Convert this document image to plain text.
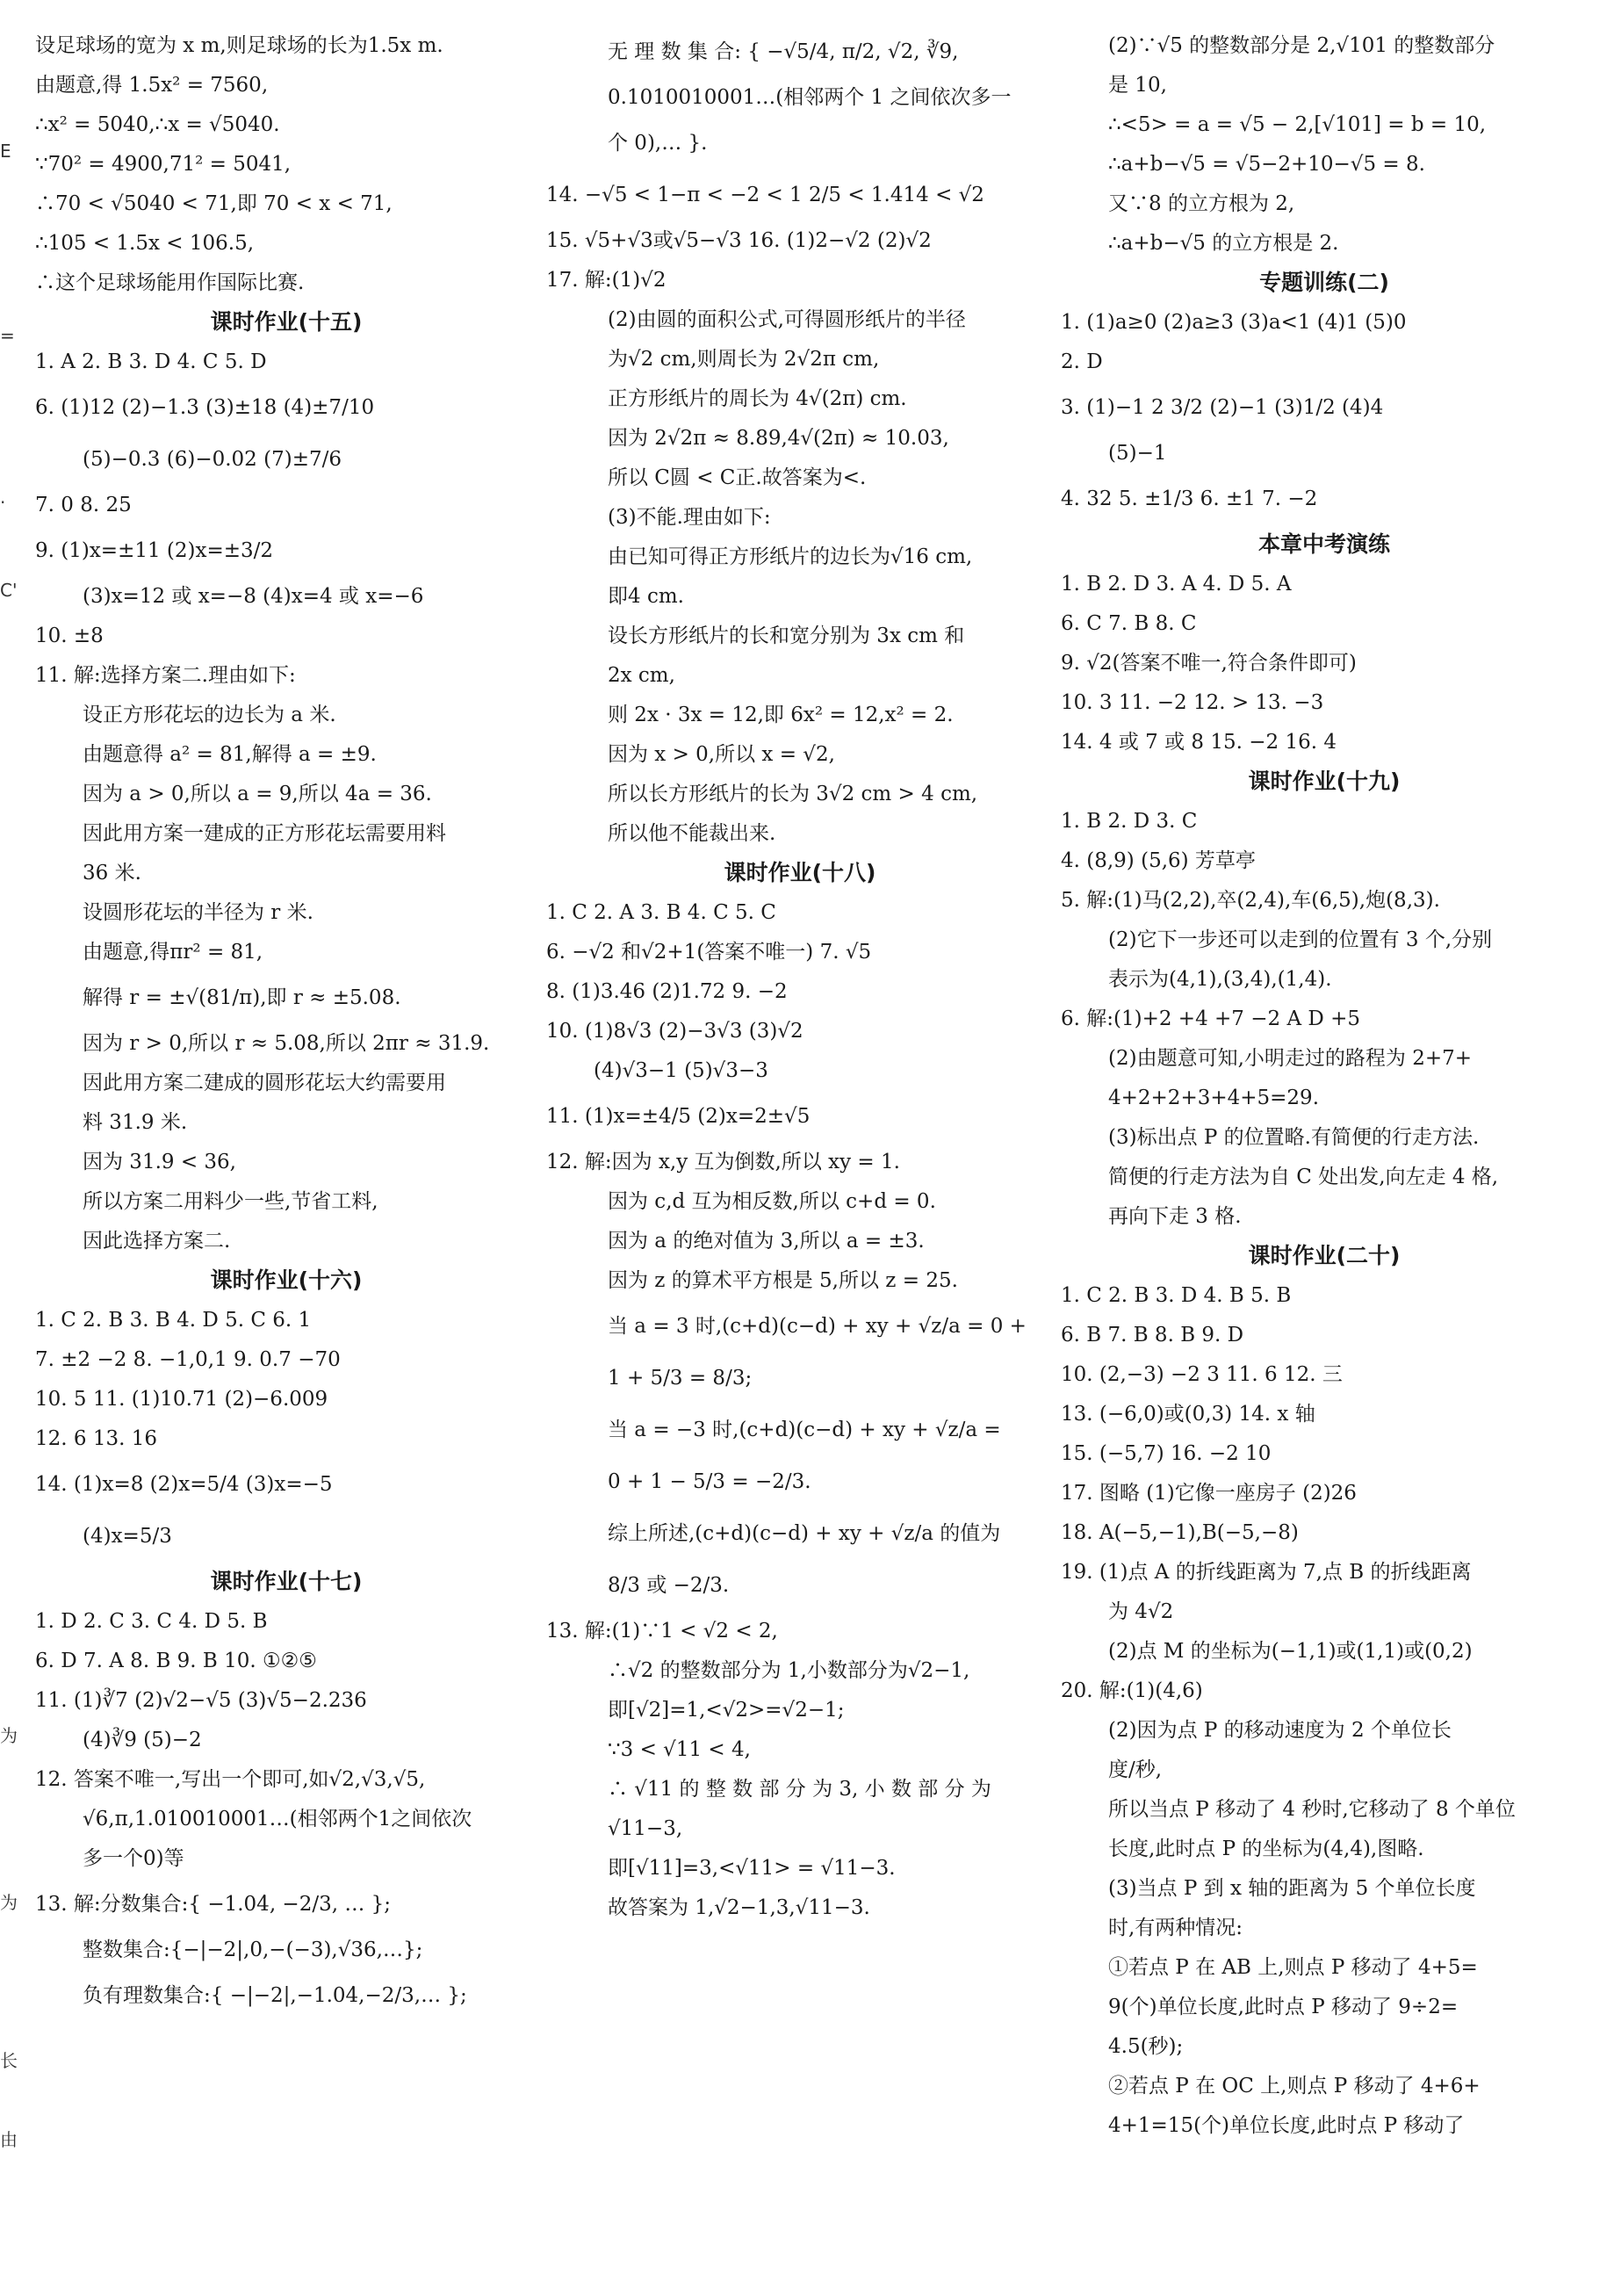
E
=
·
C'
为
为
长
由
设足球场的宽为 x m,则足球场的长为1.5x m.
由题意,得 1.5x² = 7560,
∴x² = 5040,∴x = √5040.
∵70² = 4900,71² = 5041,
∴70 < √5040 < 71,即 70 < x < 71,
∴105 < 1.5x < 106.5,
∴这个足球场能用作国际比赛.
课时作业(十五)
1. A 2. B 3. D 4. C 5. D
6. (1)12 (2)−1.3 (3)±18 (4)±7/10
(5)−0.3 (6)−0.02 (7)±7/6
7. 0 8. 25
9. (1)x=±11 (2)x=±3/2
(3)x=12 或 x=−8 (4)x=4 或 x=−6
10. ±8
11. 解:选择方案二.理由如下:
设正方形花坛的边长为 a 米.
由题意得 a² = 81,解得 a = ±9.
因为 a > 0,所以 a = 9,所以 4a = 36.
因此用方案一建成的正方形花坛需要用料
36 米.
设圆形花坛的半径为 r 米.
由题意,得πr² = 81,
解得 r = ±√(81/π),即 r ≈ ±5.08.
因为 r > 0,所以 r ≈ 5.08,所以 2πr ≈ 31.9.
因此用方案二建成的圆形花坛大约需要用
料 31.9 米.
因为 31.9 < 36,
所以方案二用料少一些,节省工料,
因此选择方案二.
课时作业(十六)
1. C 2. B 3. B 4. D 5. C 6. 1
7. ±2 −2 8. −1,0,1 9. 0.7 −70
10. 5 11. (1)10.71 (2)−6.009
12. 6 13. 16
14. (1)x=8 (2)x=5/4 (3)x=−5
(4)x=5/3
课时作业(十七)
1. D 2. C 3. C 4. D 5. B
6. D 7. A 8. B 9. B 10. ①②⑤
11. (1)∛7 (2)√2−√5 (3)√5−2.236
(4)∛9 (5)−2
12. 答案不唯一,写出一个即可,如√2,√3,√5,
√6,π,1.010010001…(相邻两个1之间依次
多一个0)等
13. 解:分数集合:{ −1.04̇, −2/3, … };
整数集合:{−|−2|,0,−(−3),√36,…};
负有理数集合:{ −|−2|,−1.04̇,−2/3,… };
无 理 数 集 合: { −√5/4, π/2, √2, ∛9,
0.1010010001…(相邻两个 1 之间依次多一
个 0),… }.
14. −√5 < 1−π < −2 < 1 2/5 < 1.414 < √2
15. √5+√3或√5−√3 16. (1)2−√2 (2)√2
17. 解:(1)√2
(2)由圆的面积公式,可得圆形纸片的半径
为√2 cm,则周长为 2√2π cm,
正方形纸片的周长为 4√(2π) cm.
因为 2√2π ≈ 8.89,4√(2π) ≈ 10.03,
所以 C圆 < C正.故答案为<.
(3)不能.理由如下:
由已知可得正方形纸片的边长为√16 cm,
即4 cm.
设长方形纸片的长和宽分别为 3x cm 和
2x cm,
则 2x · 3x = 12,即 6x² = 12,x² = 2.
因为 x > 0,所以 x = √2,
所以长方形纸片的长为 3√2 cm > 4 cm,
所以他不能裁出来.
课时作业(十八)
1. C 2. A 3. B 4. C 5. C
6. −√2 和√2+1(答案不唯一) 7. √5
8. (1)3.46 (2)1.72 9. −2
10. (1)8√3 (2)−3√3 (3)√2
(4)√3−1 (5)√3−3
11. (1)x=±4/5 (2)x=2±√5
12. 解:因为 x,y 互为倒数,所以 xy = 1.
因为 c,d 互为相反数,所以 c+d = 0.
因为 a 的绝对值为 3,所以 a = ±3.
因为 z 的算术平方根是 5,所以 z = 25.
当 a = 3 时,(c+d)(c−d) + xy + √z/a = 0 +
1 + 5/3 = 8/3;
当 a = −3 时,(c+d)(c−d) + xy + √z/a =
0 + 1 − 5/3 = −2/3.
综上所述,(c+d)(c−d) + xy + √z/a 的值为
8/3 或 −2/3.
13. 解:(1)∵1 < √2 < 2,
∴√2 的整数部分为 1,小数部分为√2−1,
即[√2]=1,<√2>=√2−1;
∵3 < √11 < 4,
∴ √11 的 整 数 部 分 为 3, 小 数 部 分 为
√11−3,
即[√11]=3,<√11> = √11−3.
故答案为 1,√2−1,3,√11−3.
(2)∵√5 的整数部分是 2,√101 的整数部分
是 10,
∴<5> = a = √5 − 2,[√101] = b = 10,
∴a+b−√5 = √5−2+10−√5 = 8.
又∵8 的立方根为 2,
∴a+b−√5 的立方根是 2.
专题训练(二)
1. (1)a≥0 (2)a≥3 (3)a<1 (4)1 (5)0
2. D
3. (1)−1 2 3/2 (2)−1 (3)1/2 (4)4
(5)−1
4. 32 5. ±1/3 6. ±1 7. −2
本章中考演练
1. B 2. D 3. A 4. D 5. A
6. C 7. B 8. C
9. √2(答案不唯一,符合条件即可)
10. 3 11. −2 12. > 13. −3
14. 4 或 7 或 8 15. −2 16. 4
课时作业(十九)
1. B 2. D 3. C
4. (8,9) (5,6) 芳草亭
5. 解:(1)马(2,2),卒(2,4),车(6,5),炮(8,3).
(2)它下一步还可以走到的位置有 3 个,分别
表示为(4,1),(3,4),(1,4).
6. 解:(1)+2 +4 +7 −2 A D +5
(2)由题意可知,小明走过的路程为 2+7+
4+2+2+3+4+5=29.
(3)标出点 P 的位置略.有简便的行走方法.
简便的行走方法为自 C 处出发,向左走 4 格,
再向下走 3 格.
课时作业(二十)
1. C 2. B 3. D 4. B 5. B
6. B 7. B 8. B 9. D
10. (2,−3) −2 3 11. 6 12. 三
13. (−6,0)或(0,3) 14. x 轴
15. (−5,7) 16. −2 10
17. 图略 (1)它像一座房子 (2)26
18. A(−5,−1),B(−5,−8)
19. (1)点 A 的折线距离为 7,点 B 的折线距离
为 4√2
(2)点 M 的坐标为(−1,1)或(1,1)或(0,2)
20. 解:(1)(4,6)
(2)因为点 P 的移动速度为 2 个单位长
度/秒,
所以当点 P 移动了 4 秒时,它移动了 8 个单位
长度,此时点 P 的坐标为(4,4),图略.
(3)当点 P 到 x 轴的距离为 5 个单位长度
时,有两种情况:
①若点 P 在 AB 上,则点 P 移动了 4+5=
9(个)单位长度,此时点 P 移动了 9÷2=
4.5(秒);
②若点 P 在 OC 上,则点 P 移动了 4+6+
4+1=15(个)单位长度,此时点 P 移动了
